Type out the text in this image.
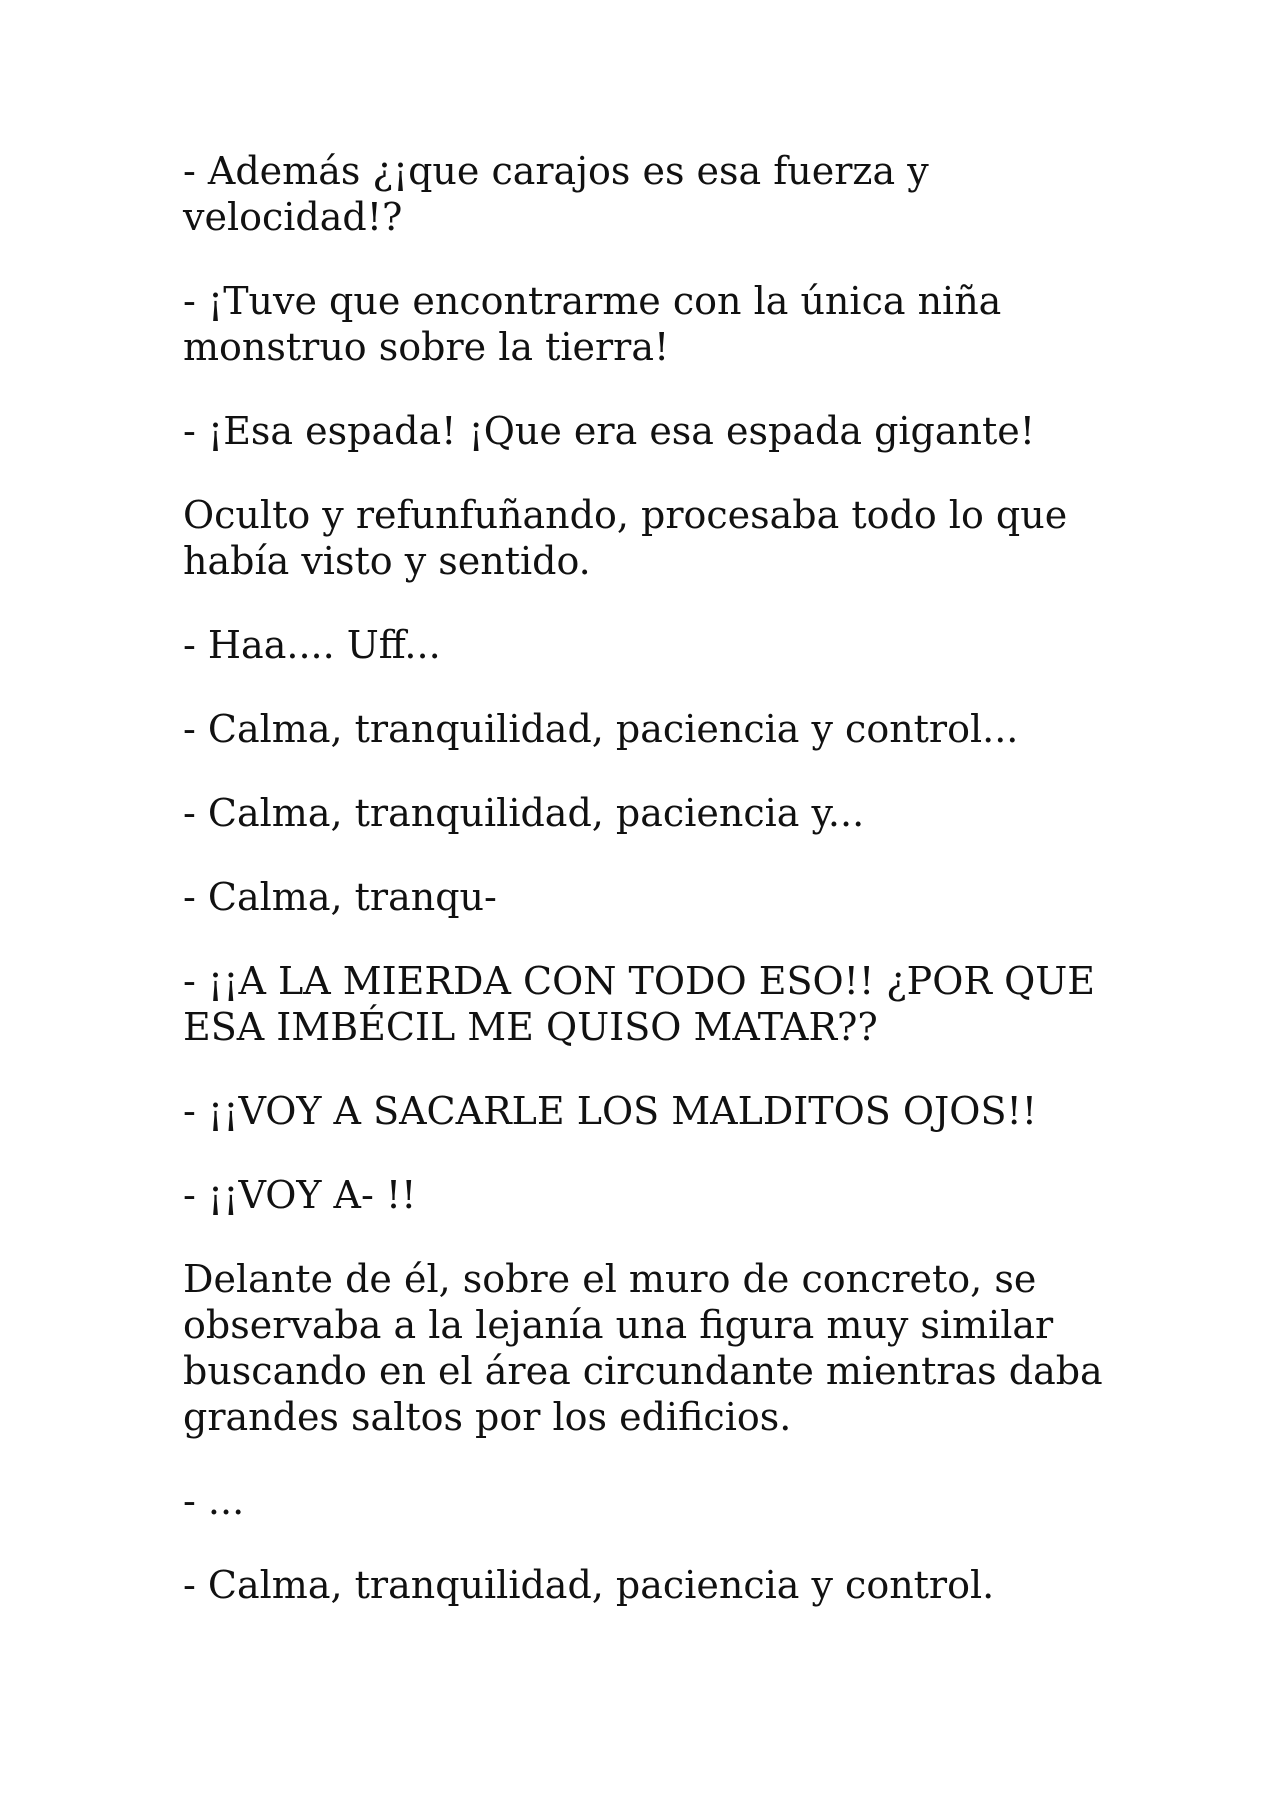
- Además ¿¡que carajos es esa fuerza y velocidad!?

- ¡Tuve que encontrarme con la única niña monstruo sobre la tierra!

- ¡Esa espada! ¡Que era esa espada gigante!

Oculto y refunfuñando, procesaba todo lo que había visto y sentido.

- Haa.... Uff...

- Calma, tranquilidad, paciencia y control...

- Calma, tranquilidad, paciencia y...

- Calma, tranqu-

- ¡¡A LA MIERDA CON TODO ESO!! ¿POR QUE ESA IMBÉCIL ME QUISO MATAR??

- ¡¡VOY A SACARLE LOS MALDITOS OJOS!!

- ¡¡VOY A- !!

Delante de él, sobre el muro de concreto, se observaba a la lejanía una figura muy similar buscando en el área circundante mientras daba grandes saltos por los edificios.

- ...

- Calma, tranquilidad, paciencia y control.
